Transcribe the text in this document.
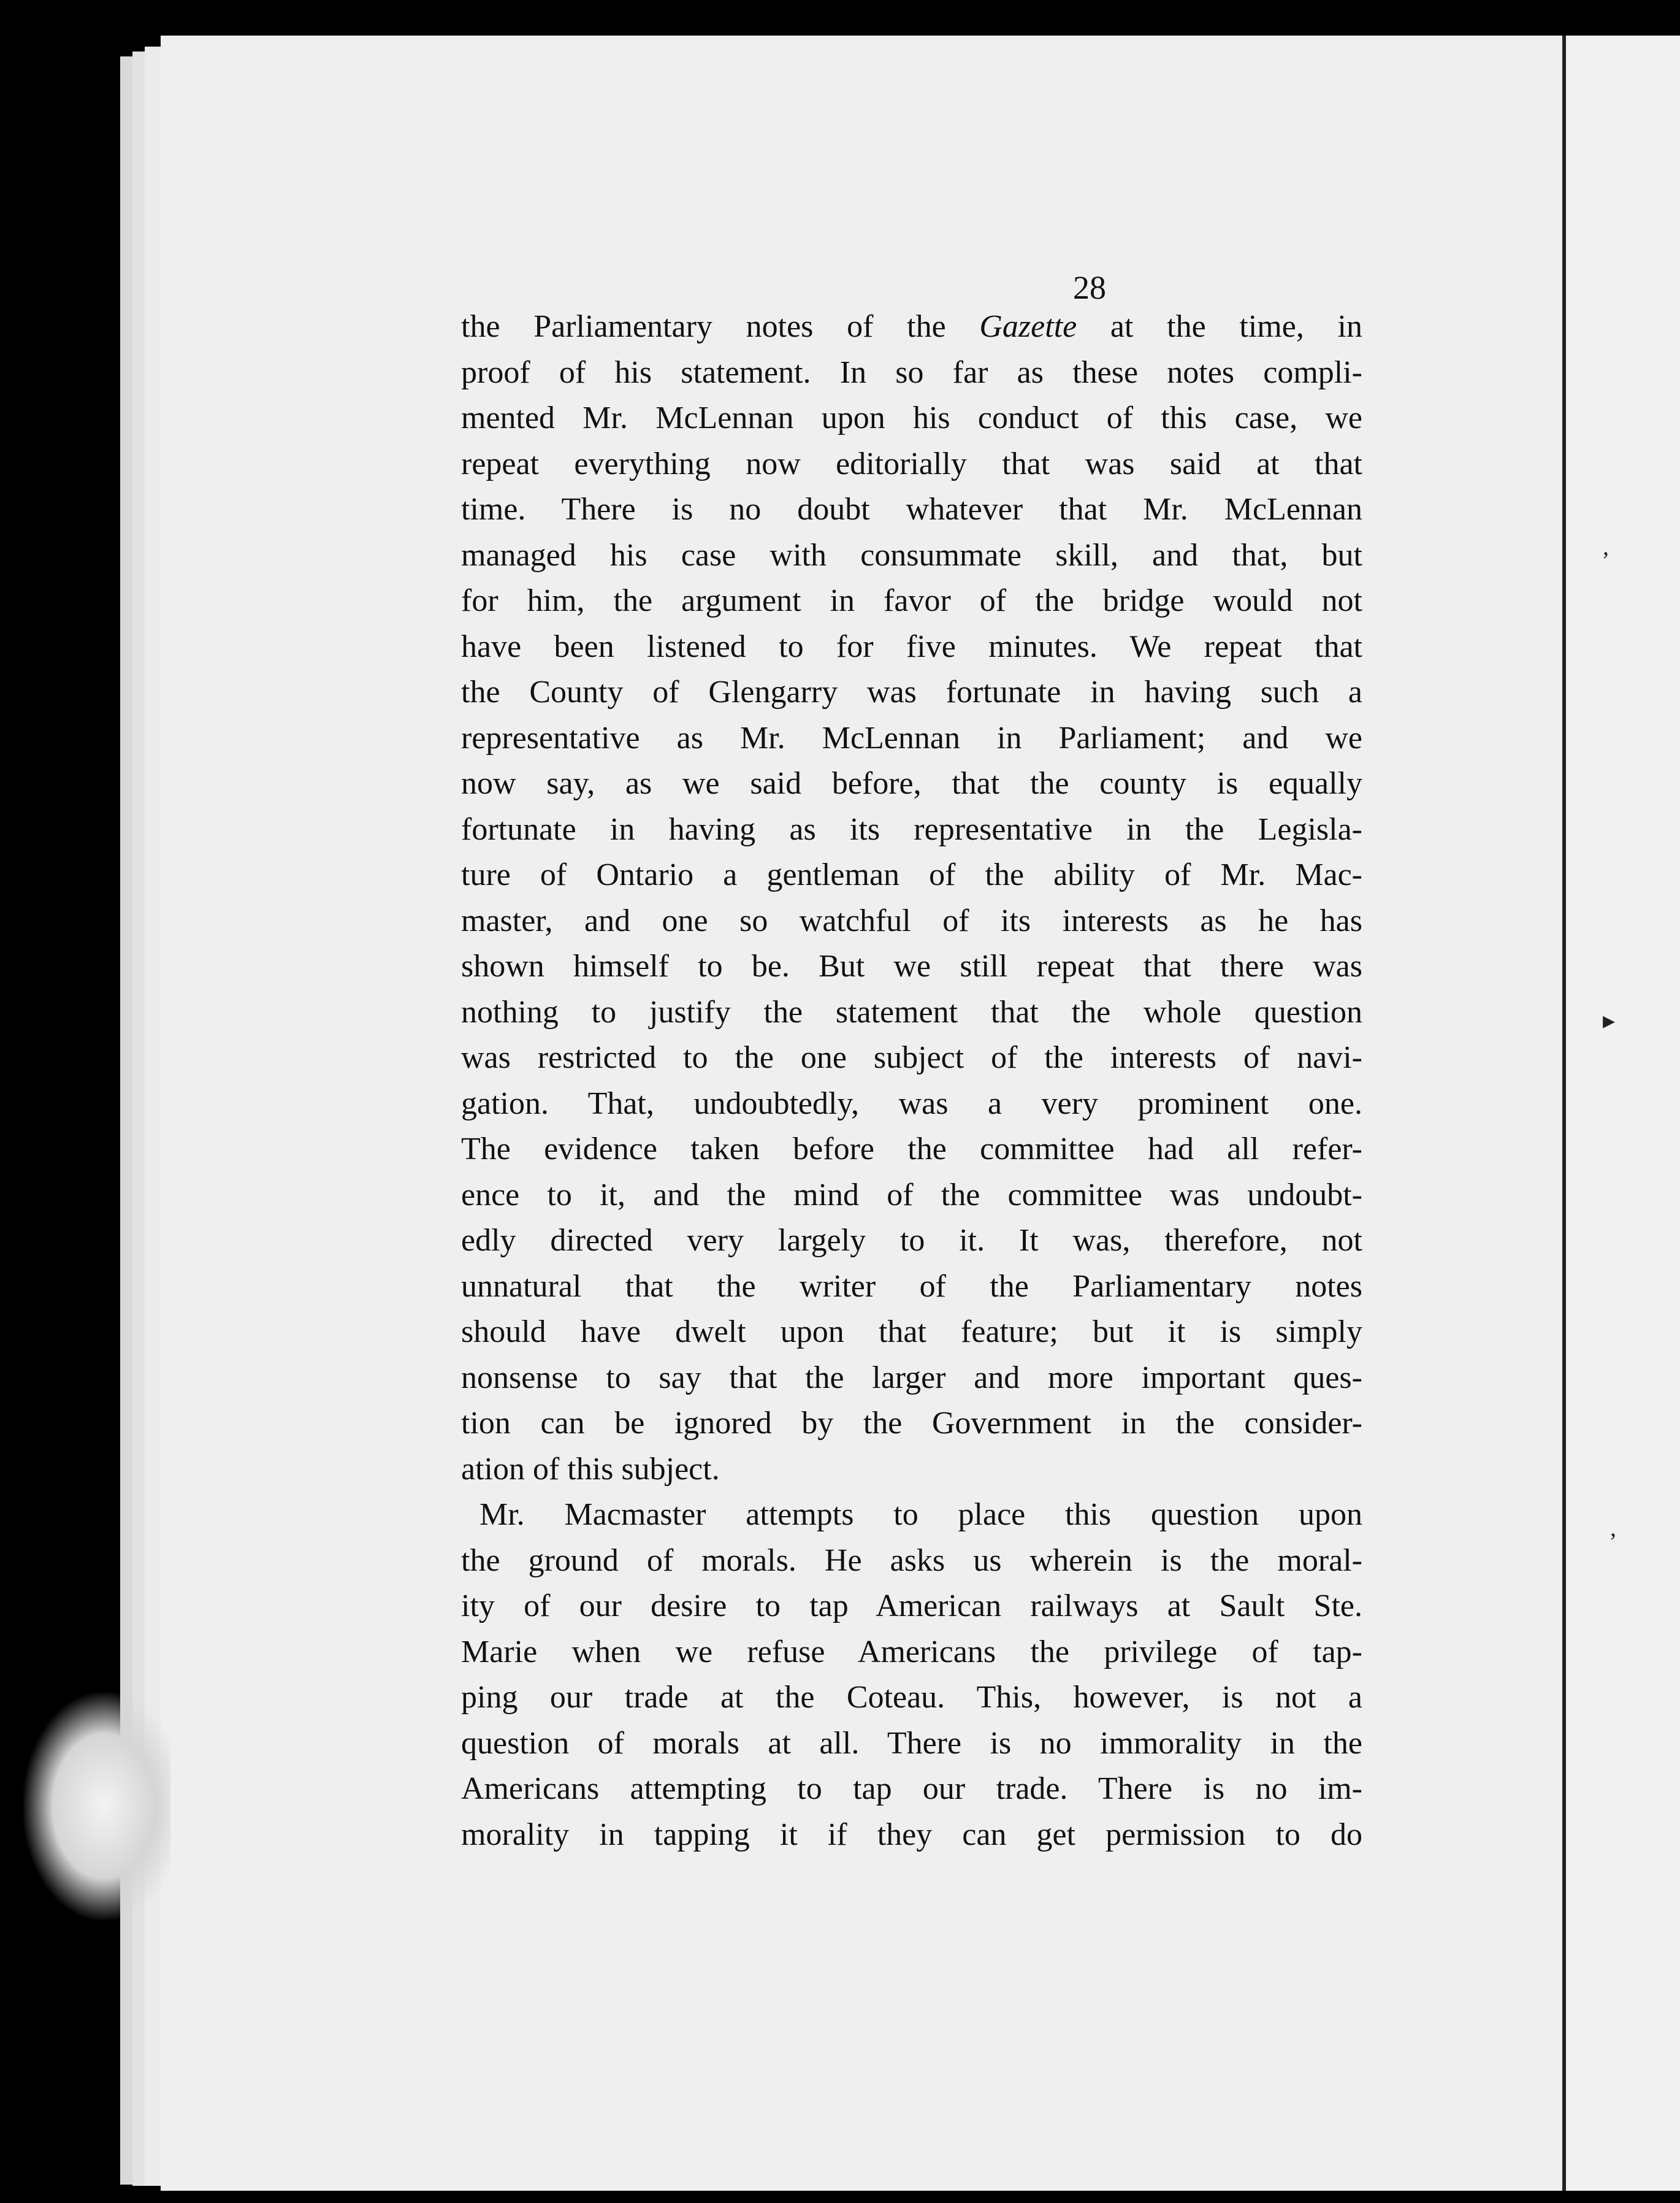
28
’
▸
’
the Parliamentary notes of the Gazette at the time, in
proof of his statement. In so far as these notes compli-
mented Mr. McLennan upon his conduct of this case, we
repeat everything now editorially that was said at that
time. There is no doubt whatever that Mr. McLennan
managed his case with consummate skill, and that, but
for him, the argument in favor of the bridge would not
have been listened to for five minutes. We repeat that
the County of Glengarry was fortunate in having such a
representative as Mr. McLennan in Parliament; and we
now say, as we said before, that the county is equally
fortunate in having as its representative in the Legisla-
ture of Ontario a gentleman of the ability of Mr. Mac-
master, and one so watchful of its interests as he has
shown himself to be. But we still repeat that there was
nothing to justify the statement that the whole question
was restricted to the one subject of the interests of navi-
gation. That, undoubtedly, was a very prominent one.
The evidence taken before the committee had all refer-
ence to it, and the mind of the committee was undoubt-
edly directed very largely to it. It was, therefore, not
unnatural that the writer of the Parliamentary notes
should have dwelt upon that feature; but it is simply
nonsense to say that the larger and more important ques-
tion can be ignored by the Government in the consider-
ation of this subject.
Mr. Macmaster attempts to place this question upon
the ground of morals. He asks us wherein is the moral-
ity of our desire to tap American railways at Sault Ste.
Marie when we refuse Americans the privilege of tap-
ping our trade at the Coteau. This, however, is not a
question of morals at all. There is no immorality in the
Americans attempting to tap our trade. There is no im-
morality in tapping it if they can get permission to do
